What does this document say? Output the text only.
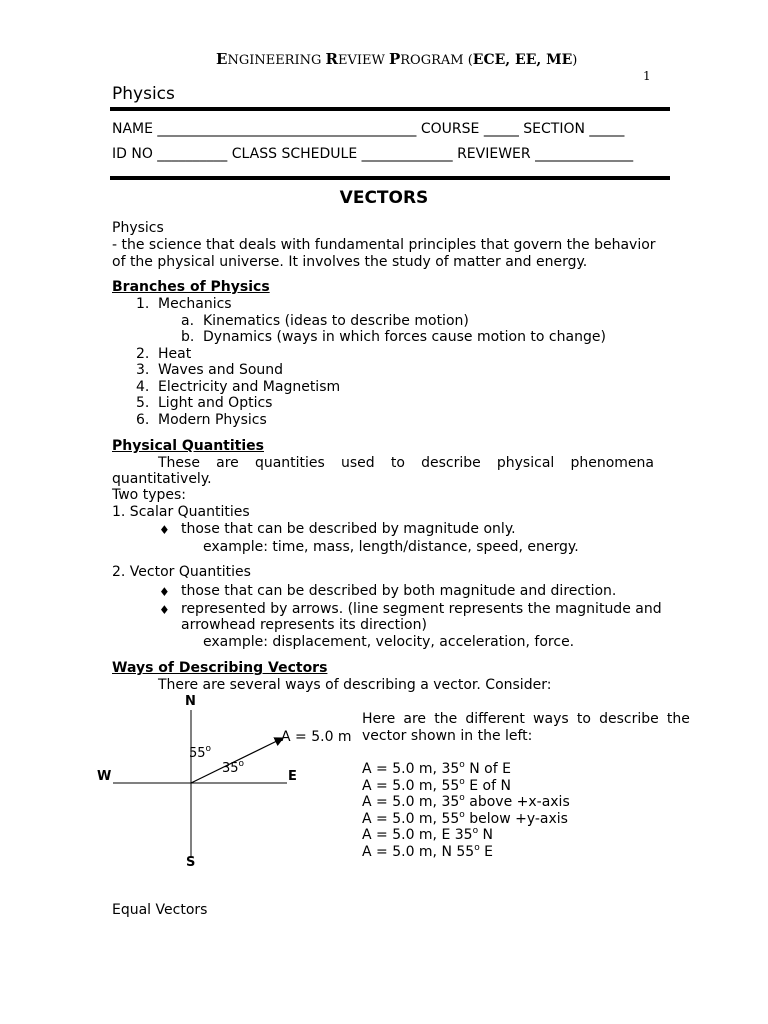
ENGINEERING REVIEW PROGRAM (ECE, EE, ME)
1
Physics
NAME _____________________________________ COURSE _____ SECTION _____
ID NO __________ CLASS SCHEDULE _____________ REVIEWER ______________
VECTORS
Physics
- the science that deals with fundamental principles that govern the behavior
of the physical universe. It involves the study of matter and energy.
Branches of Physics
1. Mechanics
a. Kinematics (ideas to describe motion)
b. Dynamics (ways in which forces cause motion to change)
2. Heat
3. Waves and Sound
4. Electricity and Magnetism
5. Light and Optics
6. Modern Physics
Physical Quantities
These are quantities used to describe physical phenomena
quantitatively.
Two types:
1. Scalar Quantities
♦ those that can be described by magnitude only.
example: time, mass, length/distance, speed, energy.
2. Vector Quantities
♦ those that can be described by both magnitude and direction.
♦ represented by arrows. (line segment represents the magnitude and
arrowhead represents its direction)
example: displacement, velocity, acceleration, force.
Ways of Describing Vectors
There are several ways of describing a vector. Consider:
N
S
W	E
A = 5.0 m
55$^o$
35$^o$
Here are the different ways to describe the
vector shown in the left:
A = 5.0 m, 35$^o$ N of E
A = 5.0 m, 55$^o$ E of N
A = 5.0 m, 35$^o$ above +x-axis
A = 5.0 m, 55$^o$ below +y-axis
A = 5.0 m, E 35$^o$ N
A = 5.0 m, N 55$^o$ E
Equal Vectors
